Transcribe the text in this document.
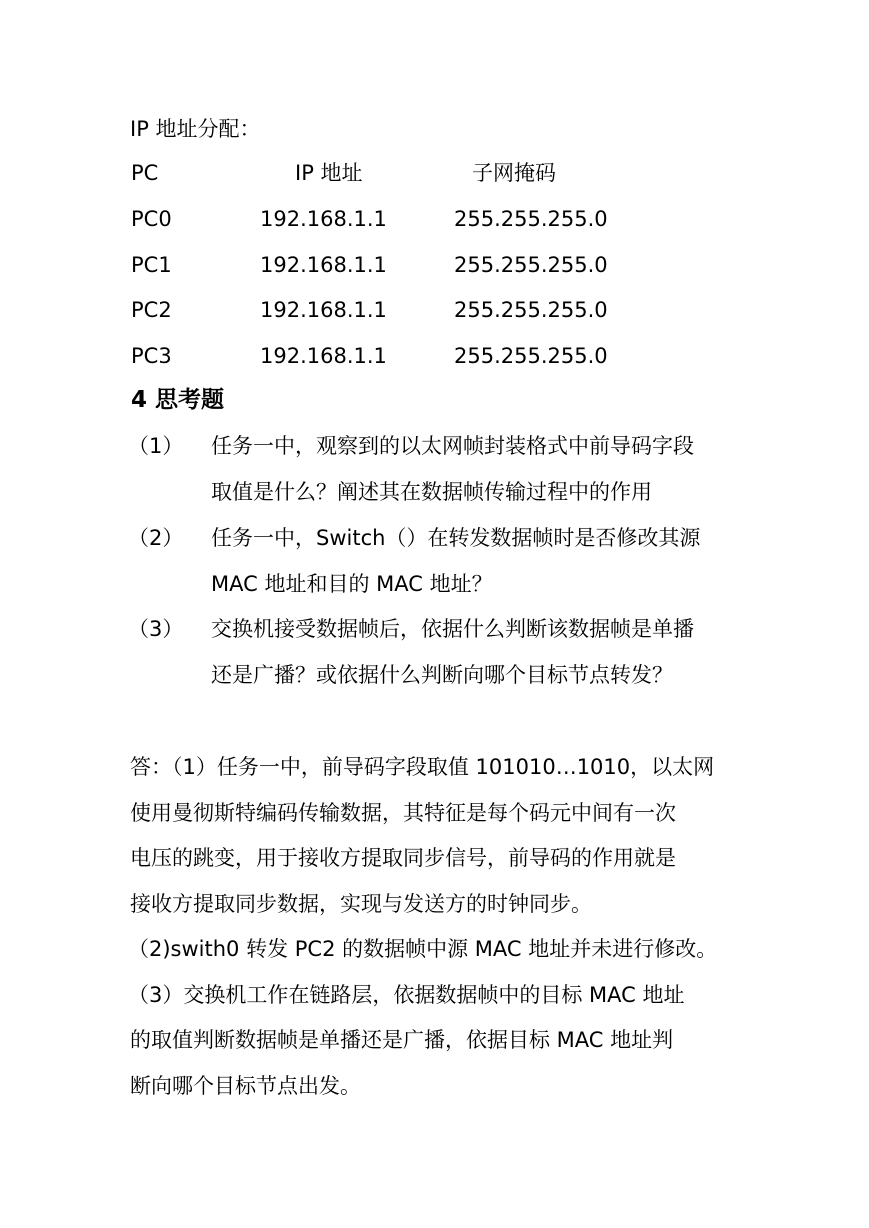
IP 地址分配：
PC	IP 地址	子网掩码
PC0	192.168.1.1	255.255.255.0
PC1	192.168.1.1	255.255.255.0
PC2	192.168.1.1	255.255.255.0
PC3	192.168.1.1	255.255.255.0
4 思考题
（1） 任务一中，观察到的以太网帧封装格式中前导码字段
取值是什么？阐述其在数据帧传输过程中的作用
（2） 任务一中，Switch（）在转发数据帧时是否修改其源
MAC 地址和目的 MAC 地址？
（3） 交换机接受数据帧后，依据什么判断该数据帧是单播
还是广播？或依据什么判断向哪个目标节点转发？
答：（1）任务一中，前导码字段取值 101010…1010，以太网
使用曼彻斯特编码传输数据，其特征是每个码元中间有一次
电压的跳变，用于接收方提取同步信号，前导码的作用就是
接收方提取同步数据，实现与发送方的时钟同步。
（2)swith0 转发 PC2 的数据帧中源 MAC 地址并未进行修改。
（3）交换机工作在链路层，依据数据帧中的目标 MAC 地址
的取值判断数据帧是单播还是广播，依据目标 MAC 地址判
断向哪个目标节点出发。
